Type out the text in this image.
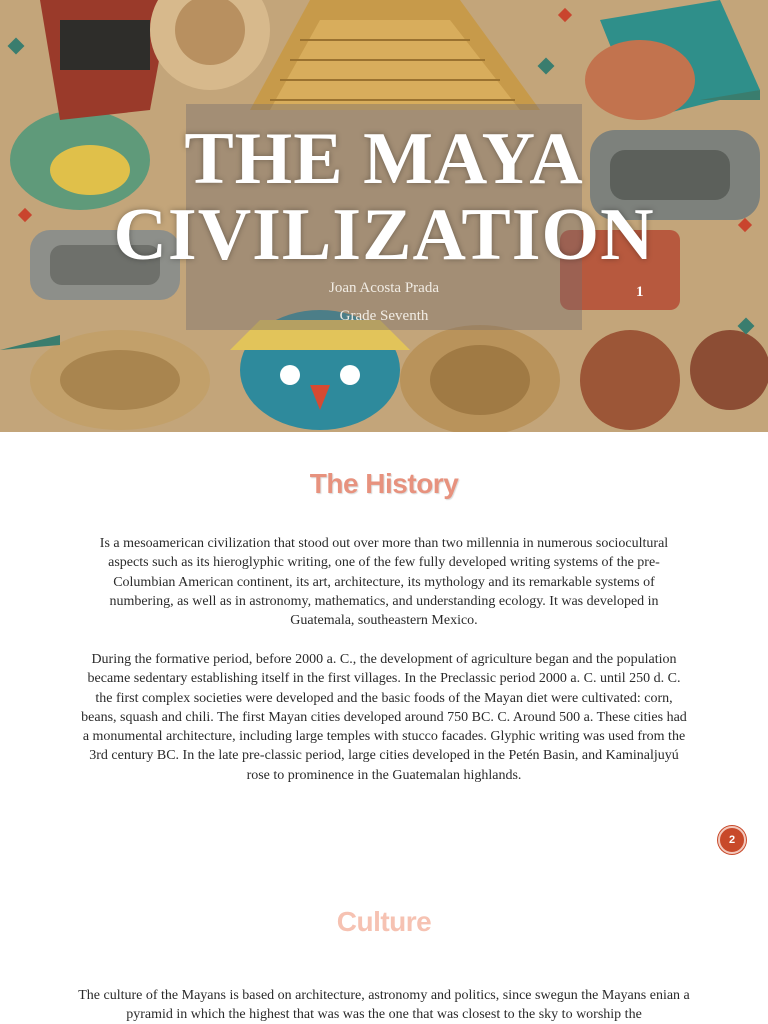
THE MAYA
CIVILIZATION
Joan Acosta Prada
Grade Seventh
1
The History

Is a mesoamerican civilization that stood out over more than two millennia in numerous sociocultural aspects such as its hieroglyphic writing, one of the few fully developed writing systems of the pre-Columbian American continent, its art, architecture, its mythology and its remarkable systems of numbering, as well as in astronomy, mathematics, and understanding ecology. It was developed in Guatemala, southeastern Mexico.

During the formative period, before 2000 a. C., the development of agriculture began and the population became sedentary establishing itself in the first villages. In the Preclassic period 2000 a. C. until 250 d. C. the first complex societies were developed and the basic foods of the Mayan diet were cultivated: corn, beans, squash and chili. The first Mayan cities developed around 750 BC. C. Around 500 a. These cities had a monumental architecture, including large temples with stucco facades. Glyphic writing was used from the 3rd century BC. In the late pre-classic period, large cities developed in the Petén Basin, and Kaminaljuyú rose to prominence in the Guatemalan highlands.

2
Culture

The culture of the Mayans is based on architecture, astronomy and politics, since swegun the Mayans enian a pyramid in which the highest that was was the one that was closest to the sky to worship the
